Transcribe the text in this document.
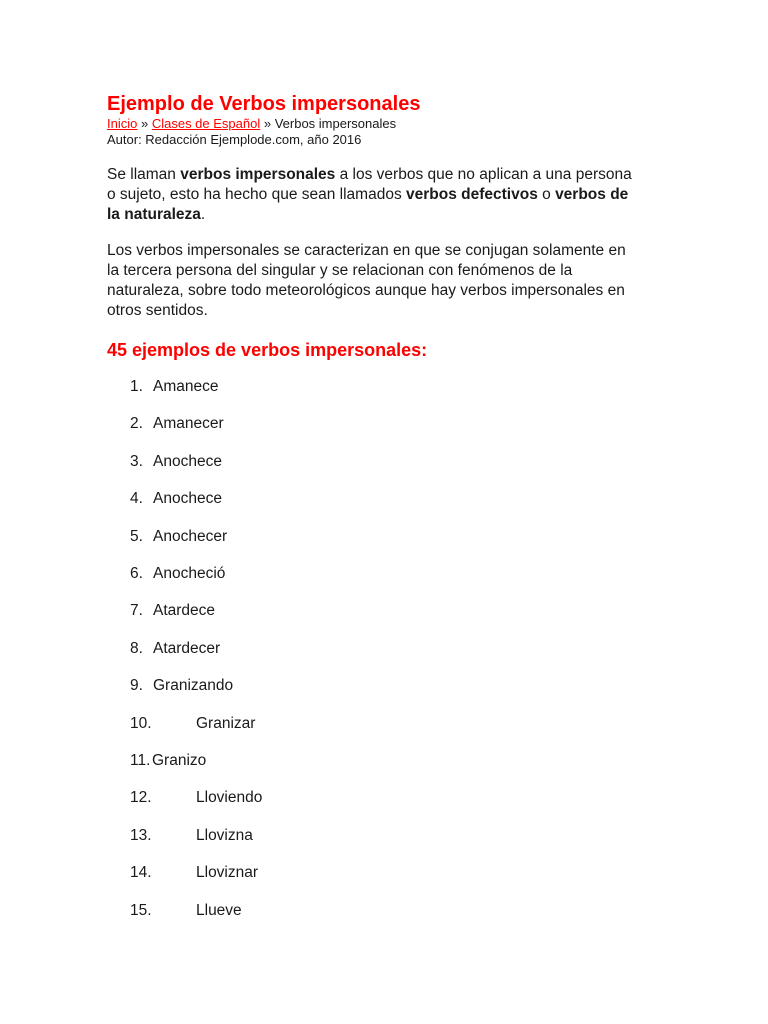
Ejemplo de Verbos impersonales
Inicio » Clases de Español » Verbos impersonales
Autor: Redacción Ejemplode.com, año 2016

Se llaman verbos impersonales a los verbos que no aplican a una persona
o sujeto, esto ha hecho que sean llamados verbos defectivos o verbos de
la naturaleza.

Los verbos impersonales se caracterizan en que se conjugan solamente en
la tercera persona del singular y se relacionan con fenómenos de la
naturaleza, sobre todo meteorológicos aunque hay verbos impersonales en
otros sentidos.

45 ejemplos de verbos impersonales:
1. Amanece
2. Amanecer
3. Anochece
4. Anochece
5. Anochecer
6. Anocheció
7. Atardece
8. Atardecer
9. Granizando
10.	Granizar
11. Granizo
12.	Lloviendo
13.	Llovizna
14.	Lloviznar
15.	Llueve
